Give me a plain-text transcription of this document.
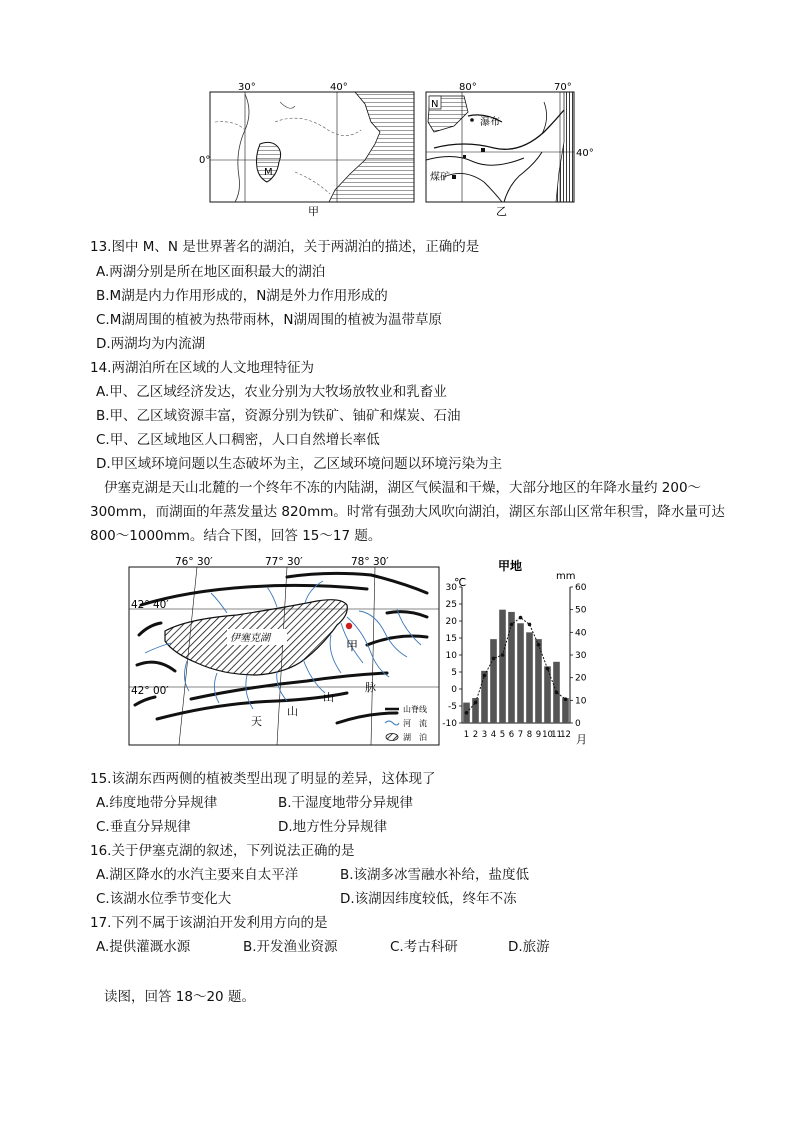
30°	40°
0°
M
甲
80°	70°
40°
N
瀑布
煤矿
乙
13.图中 M、N 是世界著名的湖泊，关于两湖泊的描述，正确的是
A.两湖分别是所在地区面积最大的湖泊
B.M湖是内力作用形成的，N湖是外力作用形成的
C.M湖周围的植被为热带雨林，N湖周围的植被为温带草原
D.两湖均为内流湖
14.两湖泊所在区域的人文地理特征为
A.甲、乙区域经济发达，农业分别为大牧场放牧业和乳畜业
B.甲、乙区域资源丰富，资源分别为铁矿、铀矿和煤炭、石油
C.甲、乙区域地区人口稠密，人口自然增长率低
D.甲区域环境问题以生态破坏为主，乙区域环境问题以环境污染为主
伊塞克湖是天山北麓的一个终年不冻的内陆湖，湖区气候温和干燥，大部分地区的年降水量约 200～
300mm，而湖面的年蒸发量达 820mm。时常有强劲大风吹向湖泊，湖区东部山区常年积雪，降水量可达
800～1000mm。结合下图，回答 15～17 题。
76° 30′	77° 30′	78° 30′
42° 40′
42° 00′
伊塞克湖
甲
天
山
山
脉
山脊线
河　流
湖　泊
甲地
℃	mm
月
30
25
20
15
10
5
0
-5
-10
60
50
40
30
20
10
0
1 2 3 4 5 6 7 8 9 10
11
12
15.该湖东西两侧的植被类型出现了明显的差异，这体现了
A.纬度地带分异规律	B.干湿度地带分异规律
C.垂直分异规律	D.地方性分异规律
16.关于伊塞克湖的叙述，下列说法正确的是
A.湖区降水的水汽主要来自太平洋	B.该湖多冰雪融水补给，盐度低
C.该湖水位季节变化大	D.该湖因纬度较低，终年不冻
17.下列不属于该湖泊开发利用方向的是
A.提供灌溉水源	B.开发渔业资源	C.考古科研	D.旅游
读图，回答 18～20 题。
